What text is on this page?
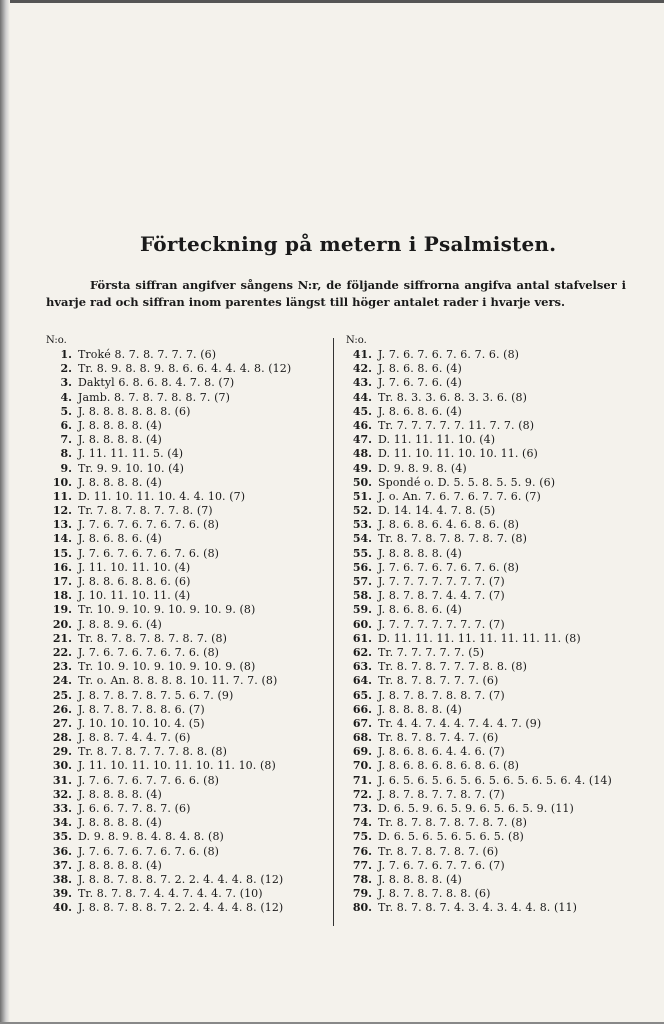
Förteckning på metern i Psalmisten.

Första siffran angifver sångens N:r, de följande siffrorna angifva antal stafvelser i hvarje rad och siffran inom parentes längst till höger antalet rader i hvarje vers.

N:o.
1. Troké 8. 7. 8. 7. 7. 7. (6)
2. Tr. 8. 9. 8. 8. 9. 8. 6. 6. 4. 4. 4. 8. (12)
3. Daktyl 6. 8. 6. 8. 4. 7. 8. (7)
4. Jamb. 8. 7. 8. 7. 8. 8. 7. (7)
5. J. 8. 8. 8. 8. 8. 8. (6)
6. J. 8. 8. 8. 8. (4)
7. J. 8. 8. 8. 8. (4)
8. J. 11. 11. 11. 5. (4)
9. Tr. 9. 9. 10. 10. (4)
10. J. 8. 8. 8. 8. (4)
11. D. 11. 10. 11. 10. 4. 4. 10. (7)
12. Tr. 7. 8. 7. 8. 7. 7. 8. (7)
13. J. 7. 6. 7. 6. 7. 6. 7. 6. (8)
14. J. 8. 6. 8. 6. (4)
15. J. 7. 6. 7. 6. 7. 6. 7. 6. (8)
16. J. 11. 10. 11. 10. (4)
17. J. 8. 8. 6. 8. 8. 6. (6)
18. J. 10. 11. 10. 11. (4)
19. Tr. 10. 9. 10. 9. 10. 9. 10. 9. (8)
20. J. 8. 8. 9. 6. (4)
21. Tr. 8. 7. 8. 7. 8. 7. 8. 7. (8)
22. J. 7. 6. 7. 6. 7. 6. 7. 6. (8)
23. Tr. 10. 9. 10. 9. 10. 9. 10. 9. (8)
24. Tr. o. An. 8. 8. 8. 8. 10. 11. 7. 7. (8)
25. J. 8. 7. 8. 7. 8. 7. 5. 6. 7. (9)
26. J. 8. 7. 8. 7. 8. 8. 6. (7)
27. J. 10. 10. 10. 10. 4. (5)
28. J. 8. 8. 7. 4. 4. 7. (6)
29. Tr. 8. 7. 8. 7. 7. 7. 8. 8. (8)
30. J. 11. 10. 11. 10. 11. 10. 11. 10. (8)
31. J. 7. 6. 7. 6. 7. 7. 6. 6. (8)
32. J. 8. 8. 8. 8. (4)
33. J. 6. 6. 7. 7. 8. 7. (6)
34. J. 8. 8. 8. 8. (4)
35. D. 9. 8. 9. 8. 4. 8. 4. 8. (8)
36. J. 7. 6. 7. 6. 7. 6. 7. 6. (8)
37. J. 8. 8. 8. 8. (4)
38. J. 8. 8. 7. 8. 8. 7. 2. 2. 4. 4. 4. 8. (12)
39. Tr. 8. 7. 8. 7. 4. 4. 7. 4. 4. 7. (10)
40. J. 8. 8. 7. 8. 8. 7. 2. 2. 4. 4. 4. 8. (12)
N:o.
41. J. 7. 6. 7. 6. 7. 6. 7. 6. (8)
42. J. 8. 6. 8. 6. (4)
43. J. 7. 6. 7. 6. (4)
44. Tr. 8. 3. 3. 6. 8. 3. 3. 6. (8)
45. J. 8. 6. 8. 6. (4)
46. Tr. 7. 7. 7. 7. 7. 11. 7. 7. (8)
47. D. 11. 11. 11. 10. (4)
48. D. 11. 10. 11. 10. 10. 11. (6)
49. D. 9. 8. 9. 8. (4)
50. Spondé o. D. 5. 5. 8. 5. 5. 9. (6)
51. J. o. An. 7. 6. 7. 6. 7. 7. 6. (7)
52. D. 14. 14. 4. 7. 8. (5)
53. J. 8. 6. 8. 6. 4. 6. 8. 6. (8)
54. Tr. 8. 7. 8. 7. 8. 7. 8. 7. (8)
55. J. 8. 8. 8. 8. (4)
56. J. 7. 6. 7. 6. 7. 6. 7. 6. (8)
57. J. 7. 7. 7. 7. 7. 7. 7. (7)
58. J. 8. 7. 8. 7. 4. 4. 7. (7)
59. J. 8. 6. 8. 6. (4)
60. J. 7. 7. 7. 7. 7. 7. 7. (7)
61. D. 11. 11. 11. 11. 11. 11. 11. 11. (8)
62. Tr. 7. 7. 7. 7. 7. (5)
63. Tr. 8. 7. 8. 7. 7. 7. 8. 8. (8)
64. Tr. 8. 7. 8. 7. 7. 7. (6)
65. J. 8. 7. 8. 7. 8. 8. 7. (7)
66. J. 8. 8. 8. 8. (4)
67. Tr. 4. 4. 7. 4. 4. 7. 4. 4. 7. (9)
68. Tr. 8. 7. 8. 7. 4. 7. (6)
69. J. 8. 6. 8. 6. 4. 4. 6. (7)
70. J. 8. 6. 8. 6. 8. 6. 8. 6. (8)
71. J. 6. 5. 6. 5. 6. 5. 6. 5. 6. 5. 6. 5. 6. 4. (14)
72. J. 8. 7. 8. 7. 7. 8. 7. (7)
73. D. 6. 5. 9. 6. 5. 9. 6. 5. 6. 5. 9. (11)
74. Tr. 8. 7. 8. 7. 8. 7. 8. 7. (8)
75. D. 6. 5. 6. 5. 6. 5. 6. 5. (8)
76. Tr. 8. 7. 8. 7. 8. 7. (6)
77. J. 7. 6. 7. 6. 7. 7. 6. (7)
78. J. 8. 8. 8. 8. (4)
79. J. 8. 7. 8. 7. 8. 8. (6)
80. Tr. 8. 7. 8. 7. 4. 3. 4. 3. 4. 4. 8. (11)
